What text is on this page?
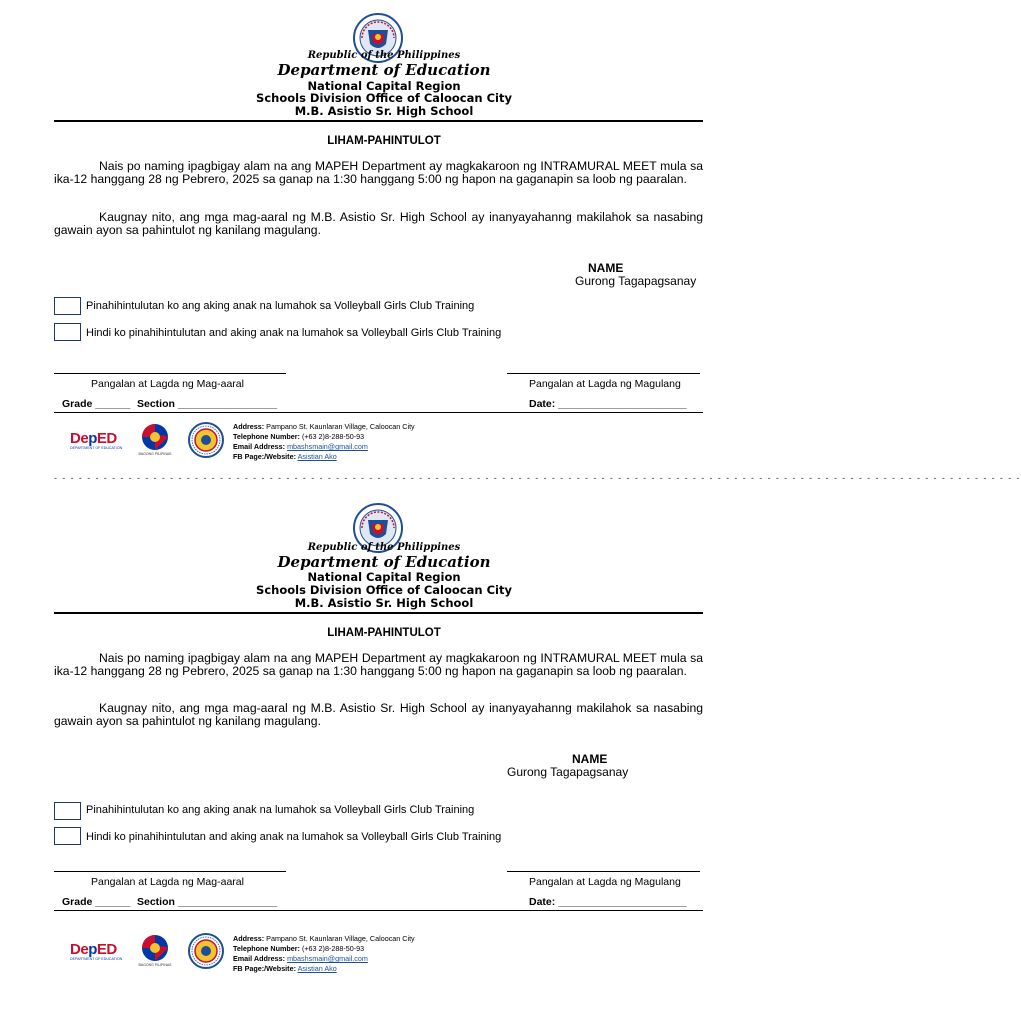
Republic of the Philippines
Department of Education
National Capital Region
Schools Division Office of Caloocan City
M.B. Asistio Sr. High School
LIHAM-PAHINTULOT
Nais po naming ipagbigay alam na ang MAPEH Department ay magkakaroon ng INTRAMURAL MEET mula sa ika-12 hanggang 28 ng Pebrero, 2025 sa ganap na 1:30 hanggang 5:00 ng hapon na gaganapin sa loob ng paaralan.
Kaugnay nito, ang mga mag-aaral ng M.B. Asistio Sr. High School ay inanyayahanng makilahok sa nasabing gawain ayon sa pahintulot ng kanilang magulang.
NAME
Gurong Tagapagsanay
Pinahihintulutan ko ang aking anak na lumahok sa Volleyball Girls Club Training
Hindi ko pinahihintulutan and aking anak na lumahok sa Volleyball Girls Club Training
Pangalan at Lagda ng Mag-aaral	Pangalan at Lagda ng Magulang
Grade ______ Section _________________	Date: ______________________
DepED
DEPARTMENT OF EDUCATION
BAGONG PILIPINAS
Address: Pampano St. Kaunlaran Village, Caloocan City
Telephone Number: (+63 2)8-288-50-93
Email Address: mbashsmain@gmail.com
FB Page:/Website: Asistian Ako
- - - - - - - - - - - - - - - - - - - - - - - - - - - - - - - - - - - - - - - - - - - - - - - - - - - - - - - - - - - - - - - - - - - - - - - - - - - - - - - - - - - - - - - - - - - - - - - - - - - - - - - - - - - - - - - - - - - - -
Republic of the Philippines
Department of Education
National Capital Region
Schools Division Office of Caloocan City
M.B. Asistio Sr. High School
LIHAM-PAHINTULOT
Nais po naming ipagbigay alam na ang MAPEH Department ay magkakaroon ng INTRAMURAL MEET mula sa ika-12 hanggang 28 ng Pebrero, 2025 sa ganap na 1:30 hanggang 5:00 ng hapon na gaganapin sa loob ng paaralan.
Kaugnay nito, ang mga mag-aaral ng M.B. Asistio Sr. High School ay inanyayahanng makilahok sa nasabing gawain ayon sa pahintulot ng kanilang magulang.
NAME
Gurong Tagapagsanay
Pinahihintulutan ko ang aking anak na lumahok sa Volleyball Girls Club Training
Hindi ko pinahihintulutan and aking anak na lumahok sa Volleyball Girls Club Training
Pangalan at Lagda ng Mag-aaral	Pangalan at Lagda ng Magulang
Grade ______ Section _________________	Date: ______________________
DepED
DEPARTMENT OF EDUCATION
BAGONG PILIPINAS
Address: Pampano St. Kaunlaran Village, Caloocan City
Telephone Number: (+63 2)8-288-50-93
Email Address: mbashsmain@gmail.com
FB Page:/Website: Asistian Ako
